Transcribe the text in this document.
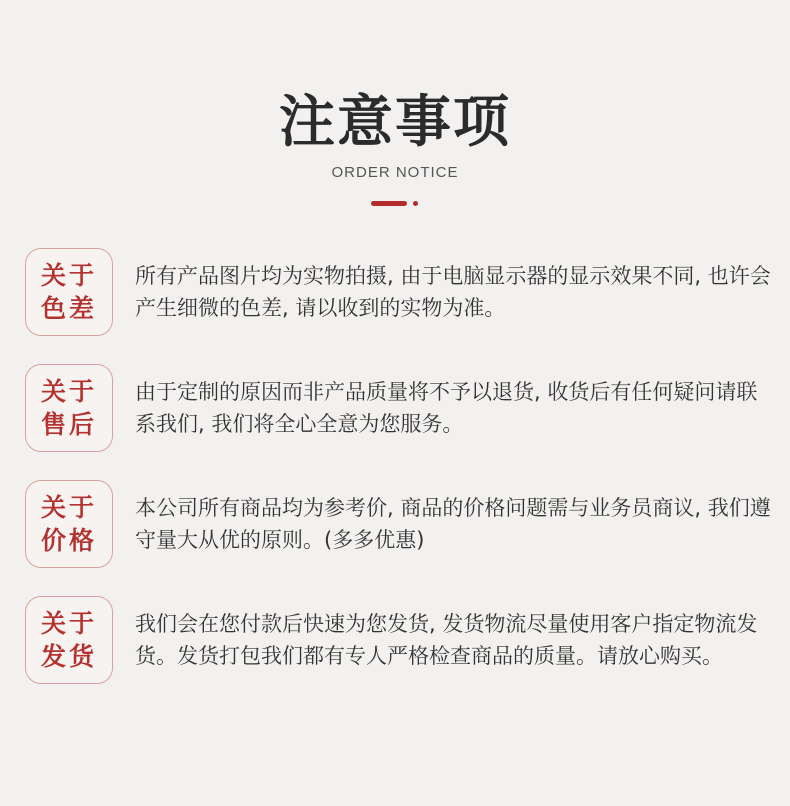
注意事项
ORDER NOTICE
关于
色差

所有产品图片均为实物拍摄, 由于电脑显示器的显示效果不同, 也许会产生细微的色差, 请以收到的实物为准。

关于
售后

由于定制的原因而非产品质量将不予以退货, 收货后有任何疑问请联系我们, 我们将全心全意为您服务。

关于
价格

本公司所有商品均为参考价, 商品的价格问题需与业务员商议, 我们遵守量大从优的原则。(多多优惠)

关于
发货

我们会在您付款后快速为您发货, 发货物流尽量使用客户指定物流发货。发货打包我们都有专人严格检查商品的质量。请放心购买。
